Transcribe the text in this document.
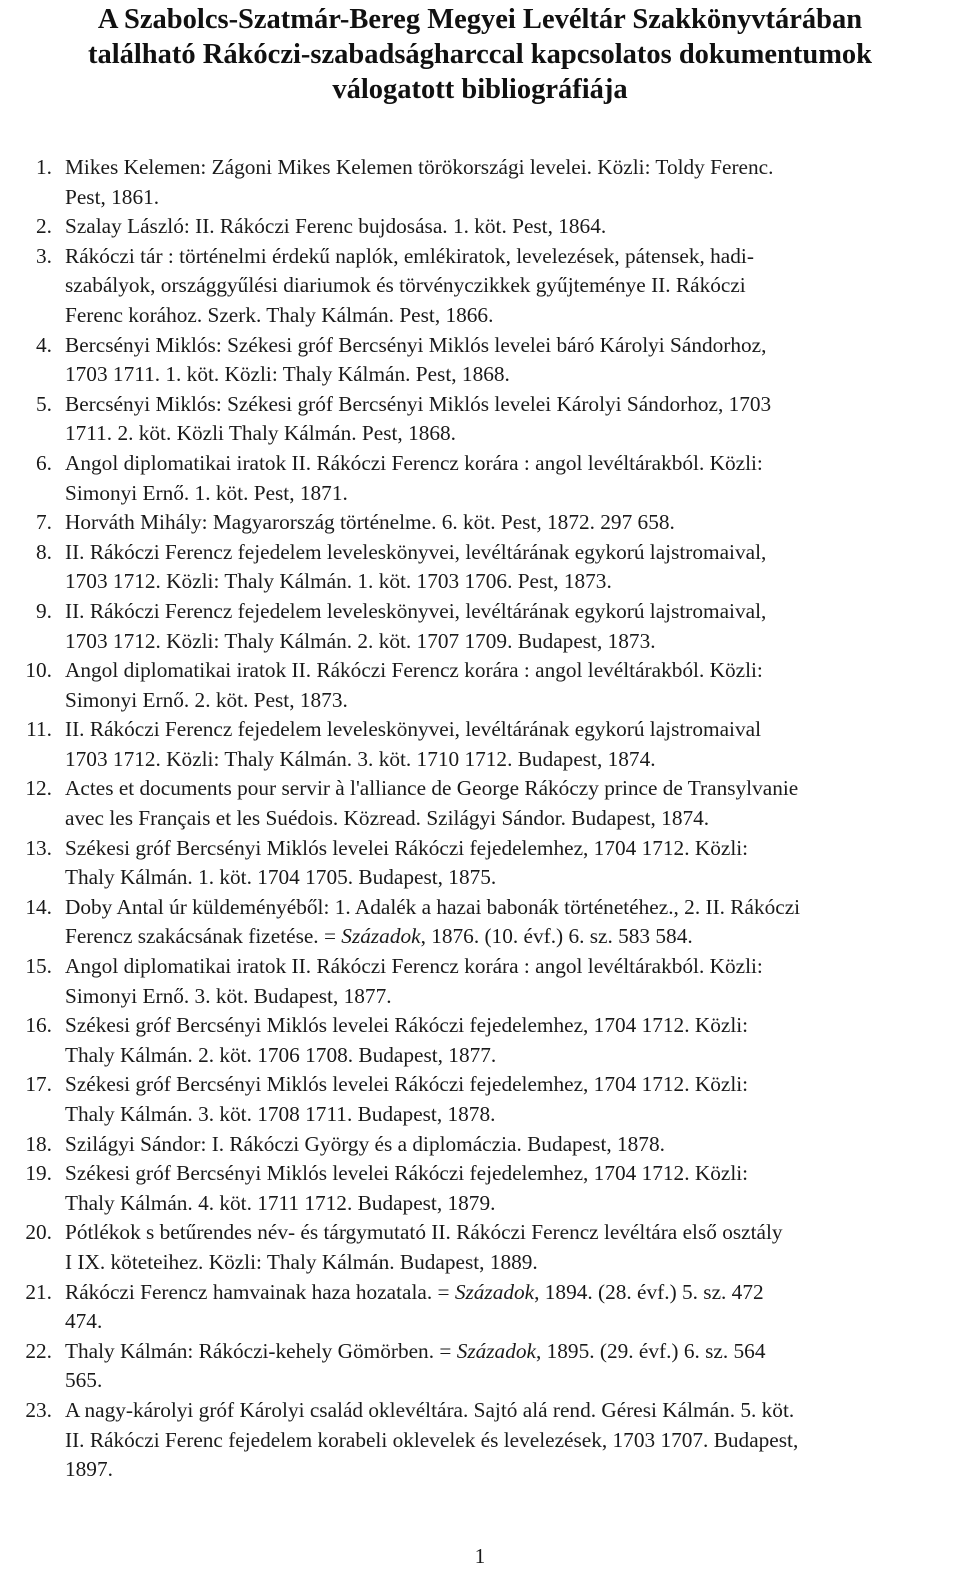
A Szabolcs-Szatmár-Bereg Megyei Levéltár Szakkönyvtárában
található Rákóczi-szabadságharccal kapcsolatos dokumentumok
válogatott bibliográfiája
1. Mikes Kelemen: Zágoni Mikes Kelemen törökországi levelei. Közli: Toldy Ferenc.
Pest, 1861.
2. Szalay László: II. Rákóczi Ferenc bujdosása. 1. köt. Pest, 1864.
3. Rákóczi tár : történelmi érdekű naplók, emlékiratok, levelezések, pátensek, hadi-
szabályok, országgyűlési diariumok és törvényczikkek gyűjteménye II. Rákóczi
Ferenc korához. Szerk. Thaly Kálmán. Pest, 1866.
4. Bercsényi Miklós: Székesi gróf Bercsényi Miklós levelei báró Károlyi Sándorhoz,
1703 1711. 1. köt. Közli: Thaly Kálmán. Pest, 1868.
5. Bercsényi Miklós: Székesi gróf Bercsényi Miklós levelei Károlyi Sándorhoz, 1703
1711. 2. köt. Közli Thaly Kálmán. Pest, 1868.
6. Angol diplomatikai iratok II. Rákóczi Ferencz korára : angol levéltárakból. Közli:
Simonyi Ernő. 1. köt. Pest, 1871.
7. Horváth Mihály: Magyarország történelme. 6. köt. Pest, 1872. 297 658.
8. II. Rákóczi Ferencz fejedelem leveleskönyvei, levéltárának egykorú lajstromaival,
1703 1712. Közli: Thaly Kálmán. 1. köt. 1703 1706. Pest, 1873.
9. II. Rákóczi Ferencz fejedelem leveleskönyvei, levéltárának egykorú lajstromaival,
1703 1712. Közli: Thaly Kálmán. 2. köt. 1707 1709. Budapest, 1873.
10. Angol diplomatikai iratok II. Rákóczi Ferencz korára : angol levéltárakból. Közli:
Simonyi Ernő. 2. köt. Pest, 1873.
11. II. Rákóczi Ferencz fejedelem leveleskönyvei, levéltárának egykorú lajstromaival
1703 1712. Közli: Thaly Kálmán. 3. köt. 1710 1712. Budapest, 1874.
12. Actes et documents pour servir à l'alliance de George Rákóczy prince de Transylvanie
avec les Français et les Suédois. Közread. Szilágyi Sándor. Budapest, 1874.
13. Székesi gróf Bercsényi Miklós levelei Rákóczi fejedelemhez, 1704 1712. Közli:
Thaly Kálmán. 1. köt. 1704 1705. Budapest, 1875.
14. Doby Antal úr küldeményéből: 1. Adalék a hazai babonák történetéhez., 2. II. Rákóczi
Ferencz szakácsának fizetése. = Századok, 1876. (10. évf.) 6. sz. 583 584.
15. Angol diplomatikai iratok II. Rákóczi Ferencz korára : angol levéltárakból. Közli:
Simonyi Ernő. 3. köt. Budapest, 1877.
16. Székesi gróf Bercsényi Miklós levelei Rákóczi fejedelemhez, 1704 1712. Közli:
Thaly Kálmán. 2. köt. 1706 1708. Budapest, 1877.
17. Székesi gróf Bercsényi Miklós levelei Rákóczi fejedelemhez, 1704 1712. Közli:
Thaly Kálmán. 3. köt. 1708 1711. Budapest, 1878.
18. Szilágyi Sándor: I. Rákóczi György és a diplomáczia. Budapest, 1878.
19. Székesi gróf Bercsényi Miklós levelei Rákóczi fejedelemhez, 1704 1712. Közli:
Thaly Kálmán. 4. köt. 1711 1712. Budapest, 1879.
20. Pótlékok s betűrendes név- és tárgymutató II. Rákóczi Ferencz levéltára első osztály
I IX. köteteihez. Közli: Thaly Kálmán. Budapest, 1889.
21. Rákóczi Ferencz hamvainak haza hozatala. = Századok, 1894. (28. évf.) 5. sz. 472
474.
22. Thaly Kálmán: Rákóczi-kehely Gömörben. = Századok, 1895. (29. évf.) 6. sz. 564
565.
23. A nagy-károlyi gróf Károlyi család oklevéltára. Sajtó alá rend. Géresi Kálmán. 5. köt.
II. Rákóczi Ferenc fejedelem korabeli oklevelek és levelezések, 1703 1707. Budapest,
1897.
1
